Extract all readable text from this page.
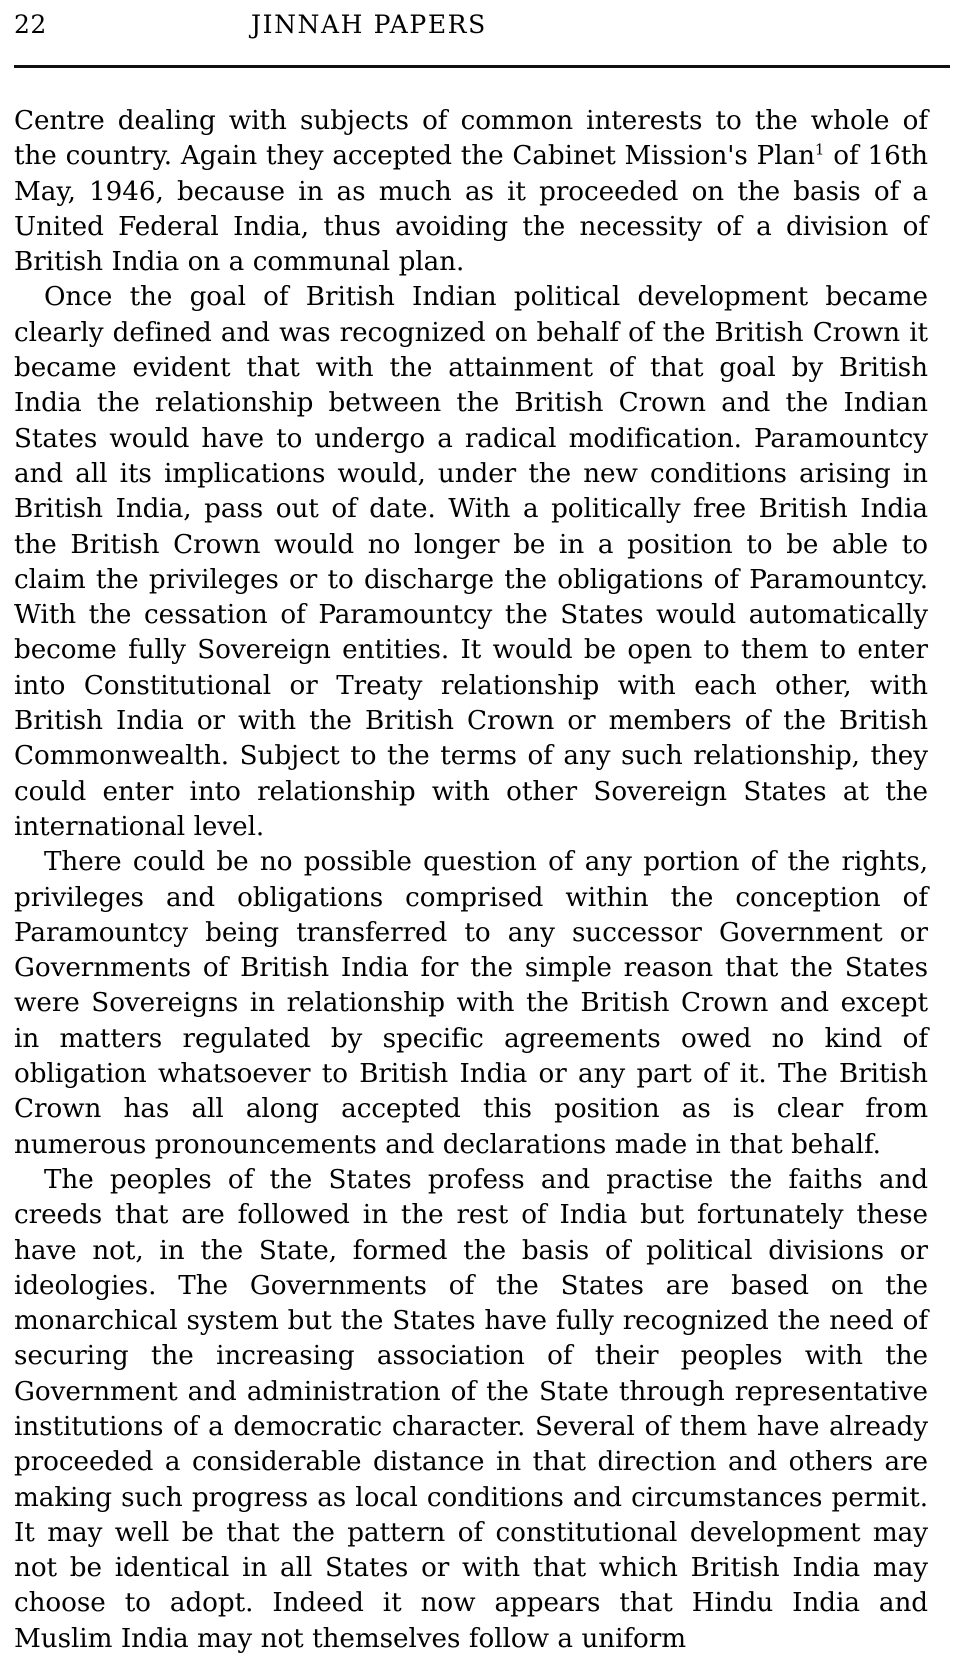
22	JINNAH PAPERS

Centre dealing with subjects of common interests to the whole of the country. Again they accepted the Cabinet Mission's Plan$^1$ of 16th May, 1946, because in as much as it proceeded on the basis of a United Federal India, thus avoiding the necessity of a division of British India on a communal plan.

Once the goal of British Indian political development became clearly defined and was recognized on behalf of the British Crown it became evident that with the attainment of that goal by British India the relationship between the British Crown and the Indian States would have to undergo a radical modification. Paramountcy and all its implications would, under the new conditions arising in British India, pass out of date. With a politically free British India the British Crown would no longer be in a position to be able to claim the privileges or to discharge the obligations of Paramountcy. With the cessation of Paramountcy the States would automatically become fully Sovereign entities. It would be open to them to enter into Constitutional or Treaty relationship with each other, with British India or with the British Crown or members of the British Commonwealth. Subject to the terms of any such relationship, they could enter into relationship with other Sovereign States at the international level.

There could be no possible question of any portion of the rights, privileges and obligations comprised within the conception of Paramountcy being transferred to any successor Government or Governments of British India for the simple reason that the States were Sovereigns in relationship with the British Crown and except in matters regulated by specific agreements owed no kind of obligation whatsoever to British India or any part of it. The British Crown has all along accepted this position as is clear from numerous pronouncements and declarations made in that behalf.

The peoples of the States profess and practise the faiths and creeds that are followed in the rest of India but fortunately these have not, in the State, formed the basis of political divisions or ideologies. The Governments of the States are based on the monarchical system but the States have fully recognized the need of securing the increasing association of their peoples with the Government and administration of the State through representative institutions of a democratic character. Several of them have already proceeded a considerable distance in that direction and others are making such progress as local conditions and circumstances permit. It may well be that the pattern of constitutional development may not be identical in all States or with that which British India may choose to adopt. Indeed it now appears that Hindu India and Muslim India may not themselves follow a uniform
